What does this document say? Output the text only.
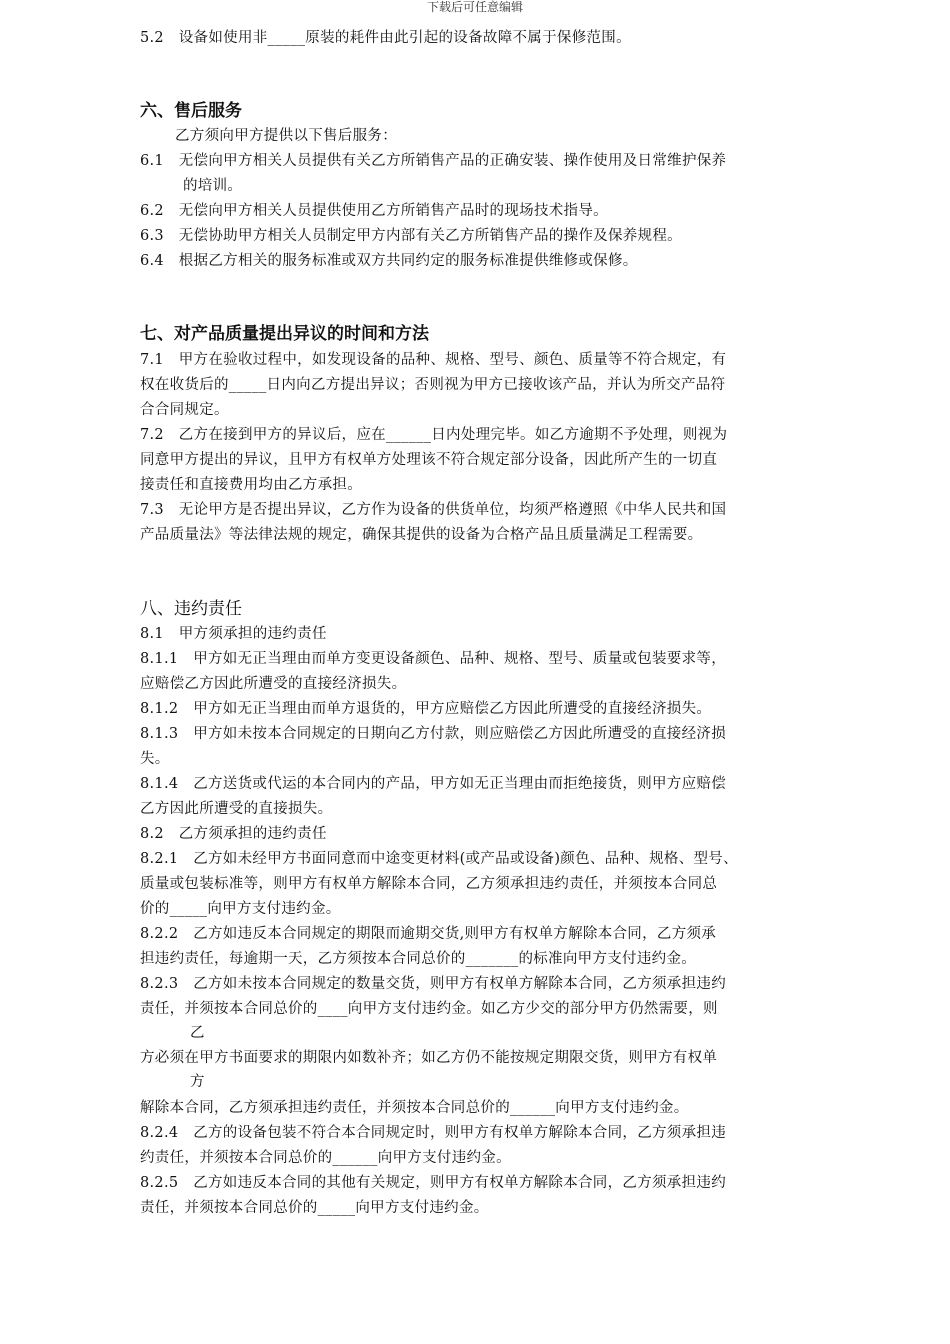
下载后可任意编辑
5.2　设备如使用非_____原装的耗件由此引起的设备故障不属于保修范围。
六、售后服务
乙方须向甲方提供以下售后服务：
6.1　无偿向甲方相关人员提供有关乙方所销售产品的正确安装、操作使用及日常维护保养
的培训。
6.2　无偿向甲方相关人员提供使用乙方所销售产品时的现场技术指导。
6.3　无偿协助甲方相关人员制定甲方内部有关乙方所销售产品的操作及保养规程。
6.4　根据乙方相关的服务标准或双方共同约定的服务标准提供维修或保修。
七、对产品质量提出异议的时间和方法
7.1　甲方在验收过程中，如发现设备的品种、规格、型号、颜色、质量等不符合规定，有
权在收货后的_____日内向乙方提出异议；否则视为甲方已接收该产品，并认为所交产品符
合合同规定。
7.2　乙方在接到甲方的异议后，应在______日内处理完毕。如乙方逾期不予处理，则视为
同意甲方提出的异议，且甲方有权单方处理该不符合规定部分设备，因此所产生的一切直
接责任和直接费用均由乙方承担。
7.3　无论甲方是否提出异议，乙方作为设备的供货单位，均须严格遵照《中华人民共和国
产品质量法》等法律法规的规定，确保其提供的设备为合格产品且质量满足工程需要。
八、违约责任
8.1　甲方须承担的违约责任
8.1.1　甲方如无正当理由而单方变更设备颜色、品种、规格、型号、质量或包装要求等，
应赔偿乙方因此所遭受的直接经济损失。
8.1.2　甲方如无正当理由而单方退货的，甲方应赔偿乙方因此所遭受的直接经济损失。
8.1.3　甲方如未按本合同规定的日期向乙方付款，则应赔偿乙方因此所遭受的直接经济损
失。
8.1.4　乙方送货或代运的本合同内的产品，甲方如无正当理由而拒绝接货，则甲方应赔偿
乙方因此所遭受的直接损失。
8.2　乙方须承担的违约责任
8.2.1　乙方如未经甲方书面同意而中途变更材料(或产品或设备)颜色、品种、规格、型号、
质量或包装标准等，则甲方有权单方解除本合同，乙方须承担违约责任，并须按本合同总
价的_____向甲方支付违约金。
8.2.2　乙方如违反本合同规定的期限而逾期交货,则甲方有权单方解除本合同，乙方须承
担违约责任，每逾期一天，乙方须按本合同总价的_______的标准向甲方支付违约金。
8.2.3　乙方如未按本合同规定的数量交货，则甲方有权单方解除本合同，乙方须承担违约
责任，并须按本合同总价的____向甲方支付违约金。如乙方少交的部分甲方仍然需要，则
乙
方必须在甲方书面要求的期限内如数补齐；如乙方仍不能按规定期限交货，则甲方有权单
方
解除本合同，乙方须承担违约责任，并须按本合同总价的______向甲方支付违约金。
8.2.4　乙方的设备包装不符合本合同规定时，则甲方有权单方解除本合同，乙方须承担违
约责任，并须按本合同总价的______向甲方支付违约金。
8.2.5　乙方如违反本合同的其他有关规定，则甲方有权单方解除本合同，乙方须承担违约
责任，并须按本合同总价的_____向甲方支付违约金。
